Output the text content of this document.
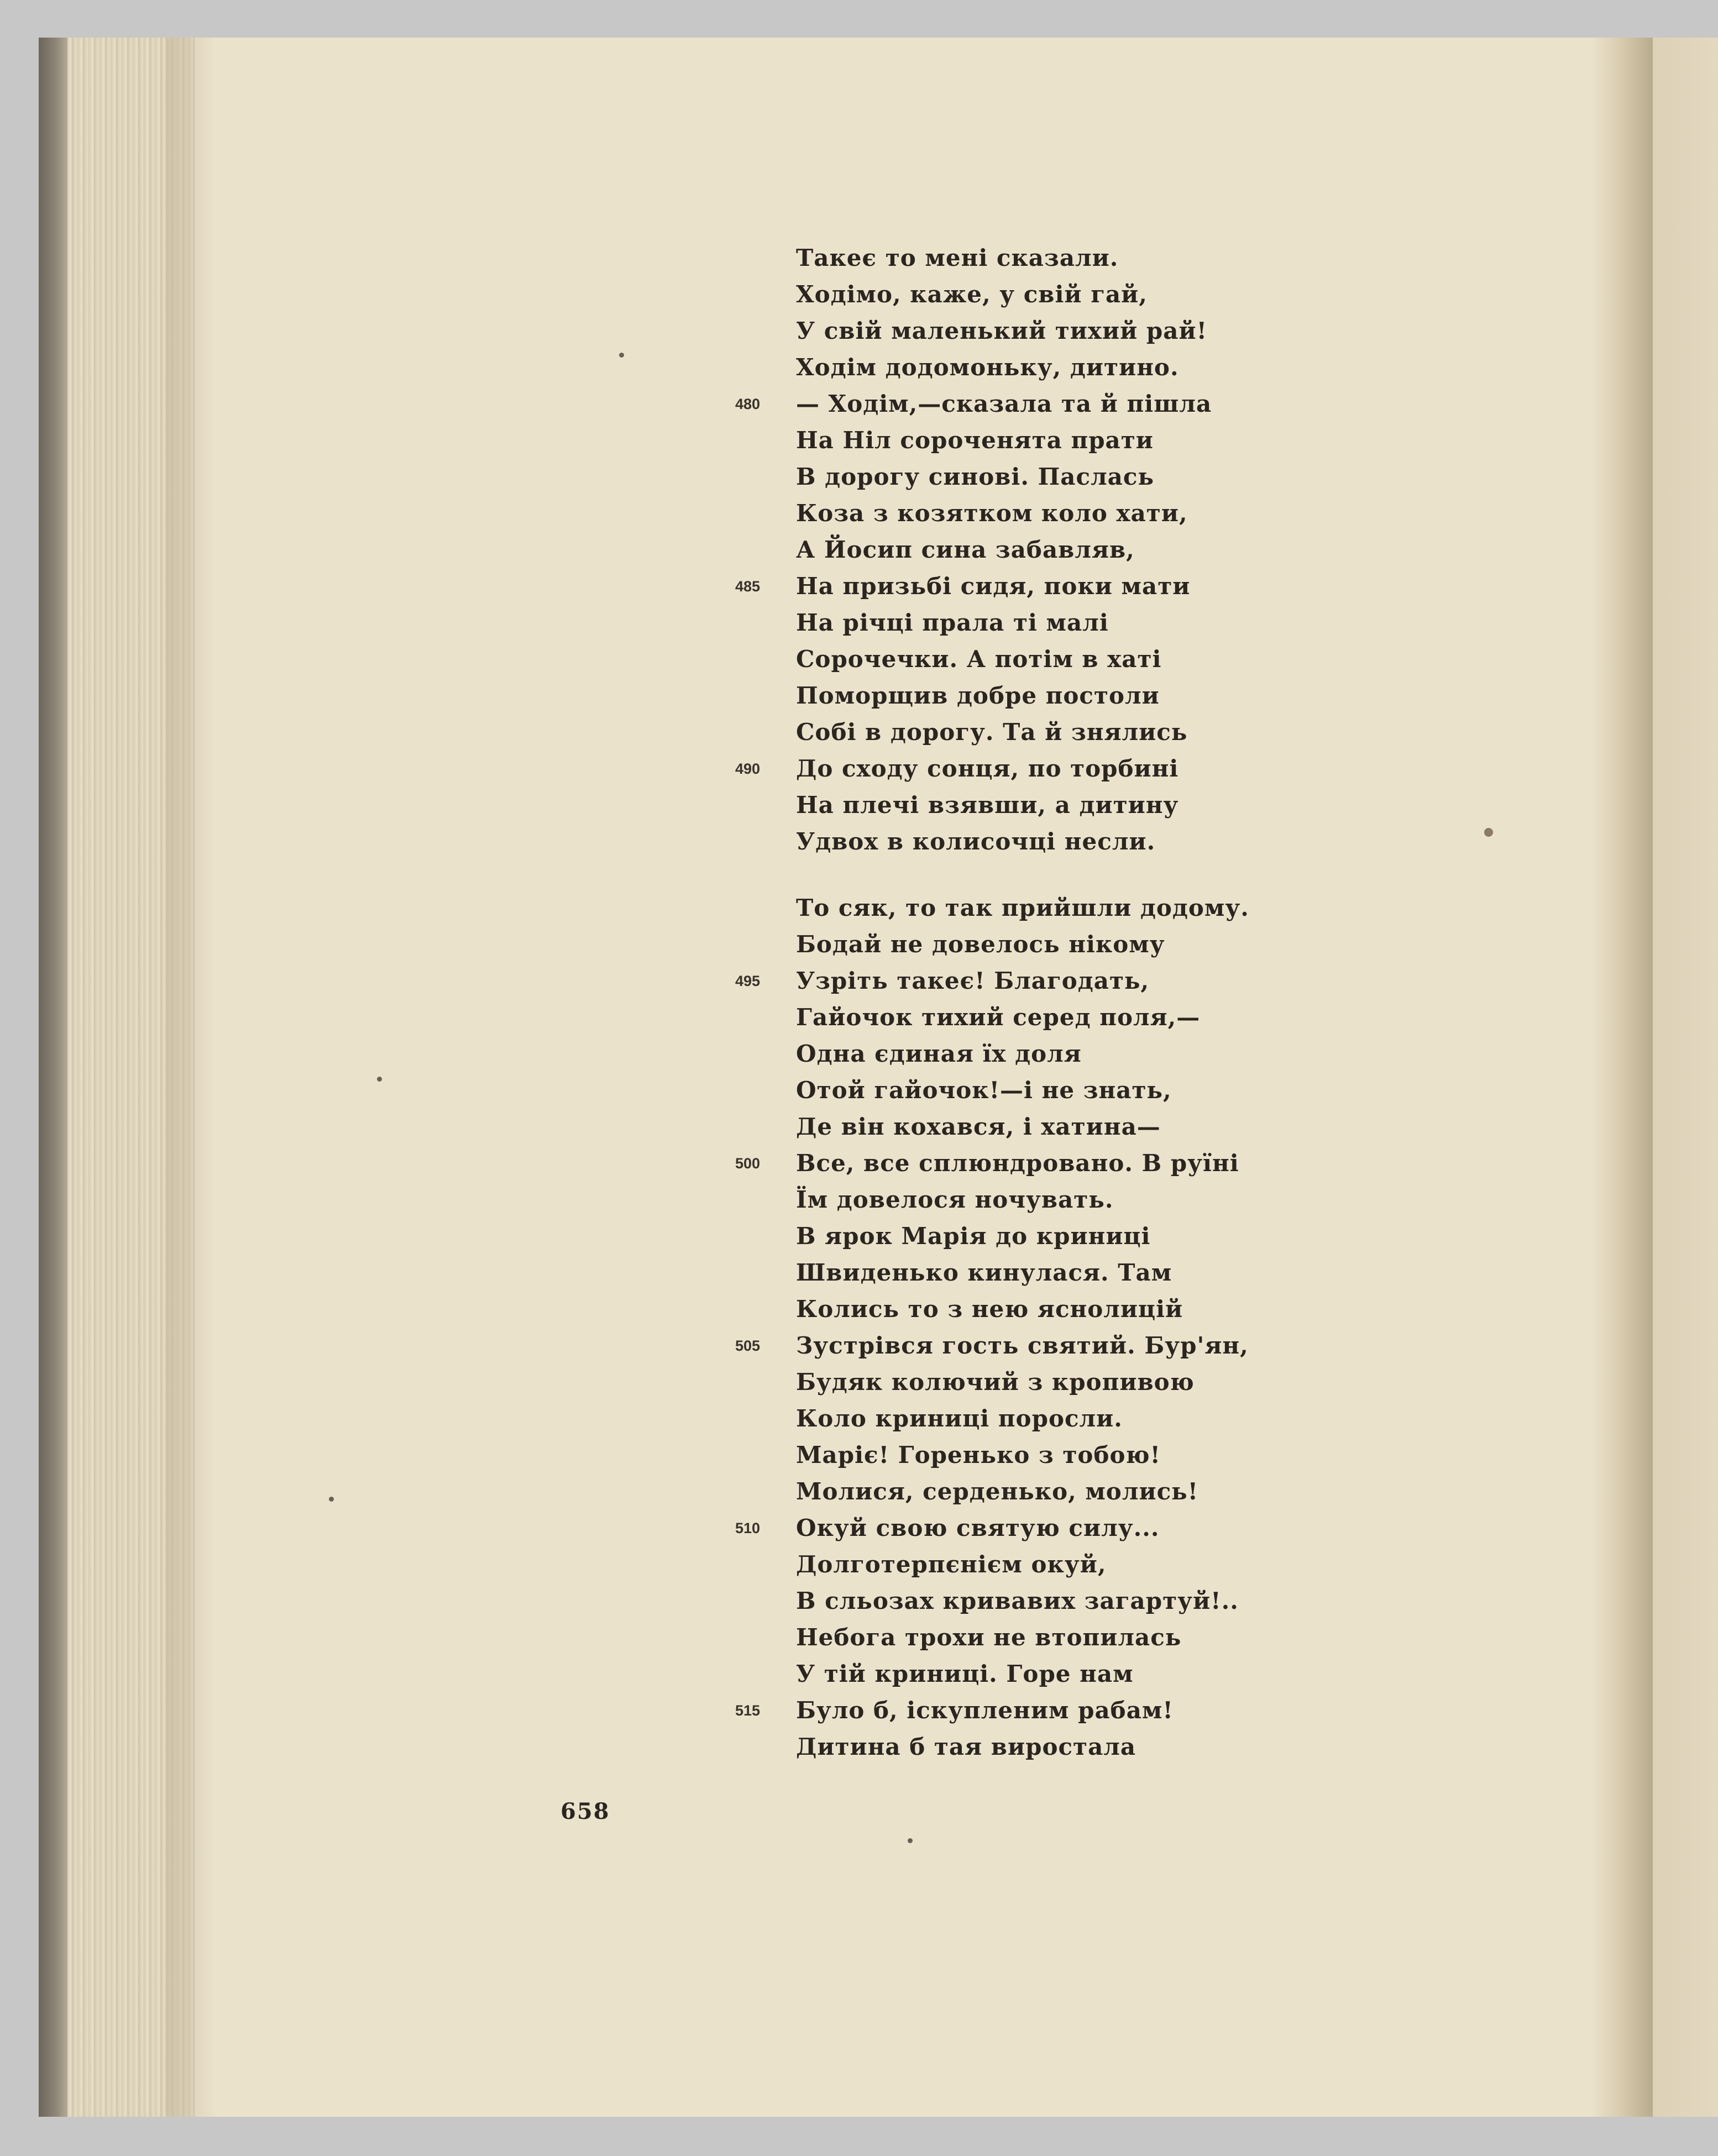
Такеє то мені сказали.
Ходімо, каже, у свій гай,
У свій маленький тихий рай!
Ходім додомоньку, дитино.
480	— Ходім,—сказала та й пішла
На Ніл сороченята прати
В дорогу синові. Паслась
Коза з козятком коло хати,
А Йосип сина забавляв,
485	На призьбі сидя, поки мати
На річці прала ті малі
Сорочечки. А потім в хаті
Поморщив добре постоли
Собі в дорогу. Та й знялись
490	До сходу сонця, по торбині
На плечі взявши, а дитину
Удвох в колисочці несли.
То сяк, то так прийшли додому.
Бодай не довелось нікому
495	Узріть такеє! Благодать,
Гайочок тихий серед поля,—
Одна єдиная їх доля
Отой гайочок!—і не знать,
Де він кохався, і хатина—
500	Все, все сплюндровано. В руїні
Їм довелося ночувать.
В ярок Марія до криниці
Швиденько кинулася. Там
Колись то з нею яснолицій
505	Зустрівся гость святий. Бур'ян,
Будяк колючий з кропивою
Коло криниці поросли.
Маріє! Горенько з тобою!
Молися, серденько, молись!
510	Окуй свою святую силу...
Долготерпєнієм окуй,
В сльозах кривавих загартуй!..
Небога трохи не втопилась
У тій криниці. Горе нам
515	Було б, іскупленим рабам!
Дитина б тая виростала
658
